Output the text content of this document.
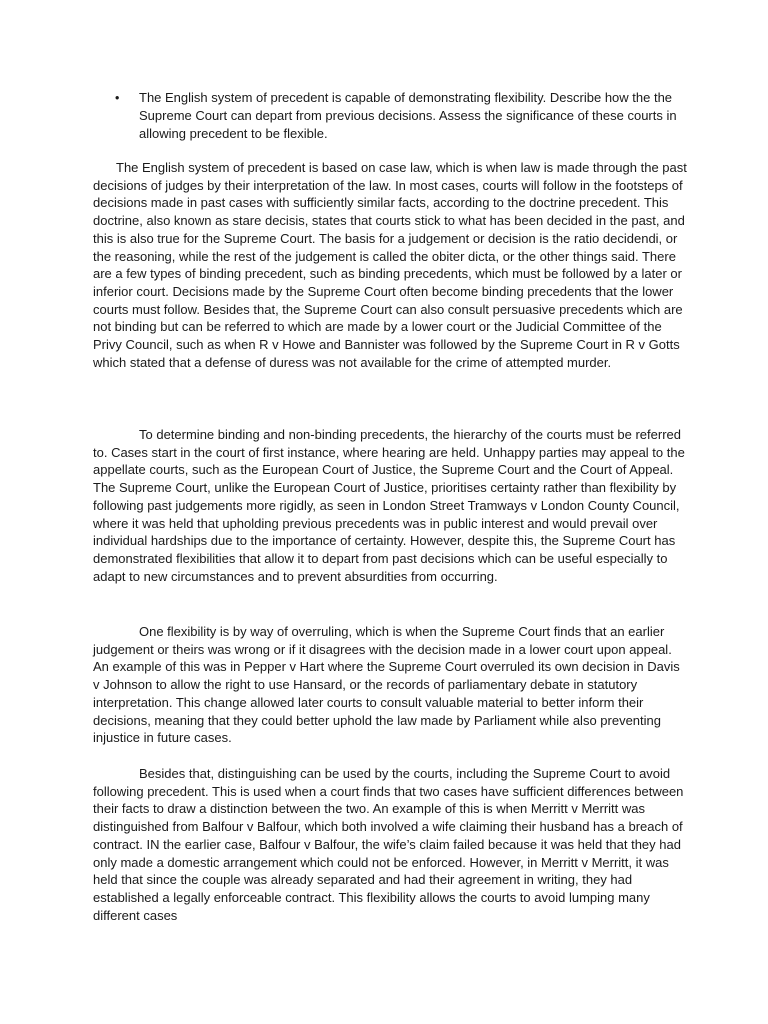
• The English system of precedent is capable of demonstrating flexibility. Describe how the the Supreme Court can depart from previous decisions. Assess the significance of these courts in allowing precedent to be flexible.

The English system of precedent is based on case law, which is when law is made through the past decisions of judges by their interpretation of the law. In most cases, courts will follow in the footsteps of decisions made in past cases with sufficiently similar facts, according to the doctrine precedent. This doctrine, also known as stare decisis, states that courts stick to what has been decided in the past, and this is also true for the Supreme Court. The basis for a judgement or decision is the ratio decidendi, or the reasoning, while the rest of the judgement is called the obiter dicta, or the other things said. There are a few types of binding precedent, such as binding precedents, which must be followed by a later or inferior court. Decisions made by the Supreme Court often become binding precedents that the lower courts must follow. Besides that, the Supreme Court can also consult persuasive precedents which are not binding but can be referred to which are made by a lower court or the Judicial Committee of the Privy Council, such as when R v Howe and Bannister was followed by the Supreme Court in R v Gotts which stated that a defense of duress was not available for the crime of attempted murder.

To determine binding and non-binding precedents, the hierarchy of the courts must be referred to. Cases start in the court of first instance, where hearing are held. Unhappy parties may appeal to the appellate courts, such as the European Court of Justice, the Supreme Court and the Court of Appeal. The Supreme Court, unlike the European Court of Justice, prioritises certainty rather than flexibility by following past judgements more rigidly, as seen in London Street Tramways v London County Council, where it was held that upholding previous precedents was in public interest and would prevail over individual hardships due to the importance of certainty. However, despite this, the Supreme Court has demonstrated flexibilities that allow it to depart from past decisions which can be useful especially to adapt to new circumstances and to prevent absurdities from occurring.

One flexibility is by way of overruling, which is when the Supreme Court finds that an earlier judgement or theirs was wrong or if it disagrees with the decision made in a lower court upon appeal. An example of this was in Pepper v Hart where the Supreme Court overruled its own decision in Davis v Johnson to allow the right to use Hansard, or the records of parliamentary debate in statutory interpretation. This change allowed later courts to consult valuable material to better inform their decisions, meaning that they could better uphold the law made by Parliament while also preventing injustice in future cases.

Besides that, distinguishing can be used by the courts, including the Supreme Court to avoid following precedent. This is used when a court finds that two cases have sufficient differences between their facts to draw a distinction between the two. An example of this is when Merritt v Merritt was distinguished from Balfour v Balfour, which both involved a wife claiming their husband has a breach of contract. IN the earlier case, Balfour v Balfour, the wife’s claim failed because it was held that they had only made a domestic arrangement which could not be enforced. However, in Merritt v Merritt, it was held that since the couple was already separated and had their agreement in writing, they had established a legally enforceable contract. This flexibility allows the courts to avoid lumping many different cases
